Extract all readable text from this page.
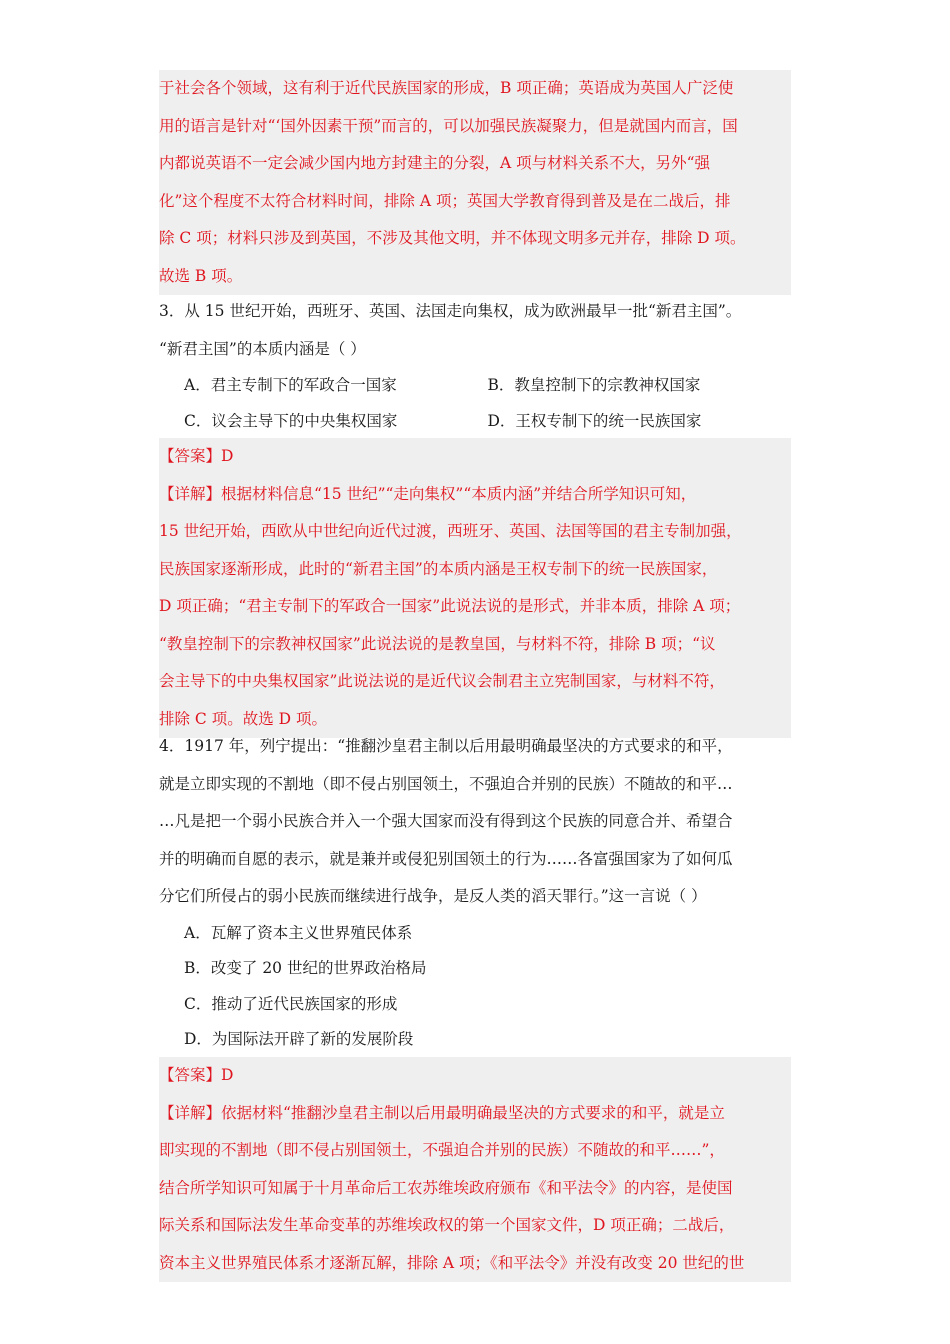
于社会各个领域，这有利于近代民族国家的形成，B 项正确；英语成为英国人广泛使
用的语言是针对“‘国外因素干预”而言的，可以加强民族凝聚力，但是就国内而言，国
内都说英语不一定会减少国内地方封建主的分裂，A 项与材料关系不大，另外“强
化”这个程度不太符合材料时间，排除 A 项；英国大学教育得到普及是在二战后，排
除 C 项；材料只涉及到英国，不涉及其他文明，并不体现文明多元并存，排除 D 项。
故选 B 项。
3．从 15 世纪开始，西班牙、英国、法国走向集权，成为欧洲最早一批“新君主国”。
“新君主国”的本质内涵是（ ）
A．君主专制下的军政合一国家	B．教皇控制下的宗教神权国家
C．议会主导下的中央集权国家	D．王权专制下的统一民族国家
【答案】D
【详解】根据材料信息“15 世纪”“走向集权”“本质内涵”并结合所学知识可知，
15 世纪开始，西欧从中世纪向近代过渡，西班牙、英国、法国等国的君主专制加强，
民族国家逐渐形成，此时的“新君主国”的本质内涵是王权专制下的统一民族国家，
D 项正确；“君主专制下的军政合一国家”此说法说的是形式，并非本质，排除 A 项；
“教皇控制下的宗教神权国家”此说法说的是教皇国，与材料不符，排除 B 项；“议
会主导下的中央集权国家”此说法说的是近代议会制君主立宪制国家，与材料不符，
排除 C 项。故选 D 项。
4．1917 年，列宁提出：“推翻沙皇君主制以后用最明确最坚决的方式要求的和平，
就是立即实现的不割地（即不侵占别国领土，不强迫合并别的民族）不随故的和平…
…凡是把一个弱小民族合并入一个强大国家而没有得到这个民族的同意合并、希望合
并的明确而自愿的表示，就是兼并或侵犯别国领土的行为……各富强国家为了如何瓜
分它们所侵占的弱小民族而继续进行战争，是反人类的滔天罪行。”这一言说（ ）
A．瓦解了资本主义世界殖民体系
B．改变了 20 世纪的世界政治格局
C．推动了近代民族国家的形成
D．为国际法开辟了新的发展阶段
【答案】D
【详解】依据材料“推翻沙皇君主制以后用最明确最坚决的方式要求的和平，就是立
即实现的不割地（即不侵占别国领土，不强迫合并别的民族）不随故的和平……”，
结合所学知识可知属于十月革命后工农苏维埃政府颁布《和平法令》的内容，是使国
际关系和国际法发生革命变革的苏维埃政权的第一个国家文件，D 项正确；二战后，
资本主义世界殖民体系才逐渐瓦解，排除 A 项；《和平法令》并没有改变 20 世纪的世
